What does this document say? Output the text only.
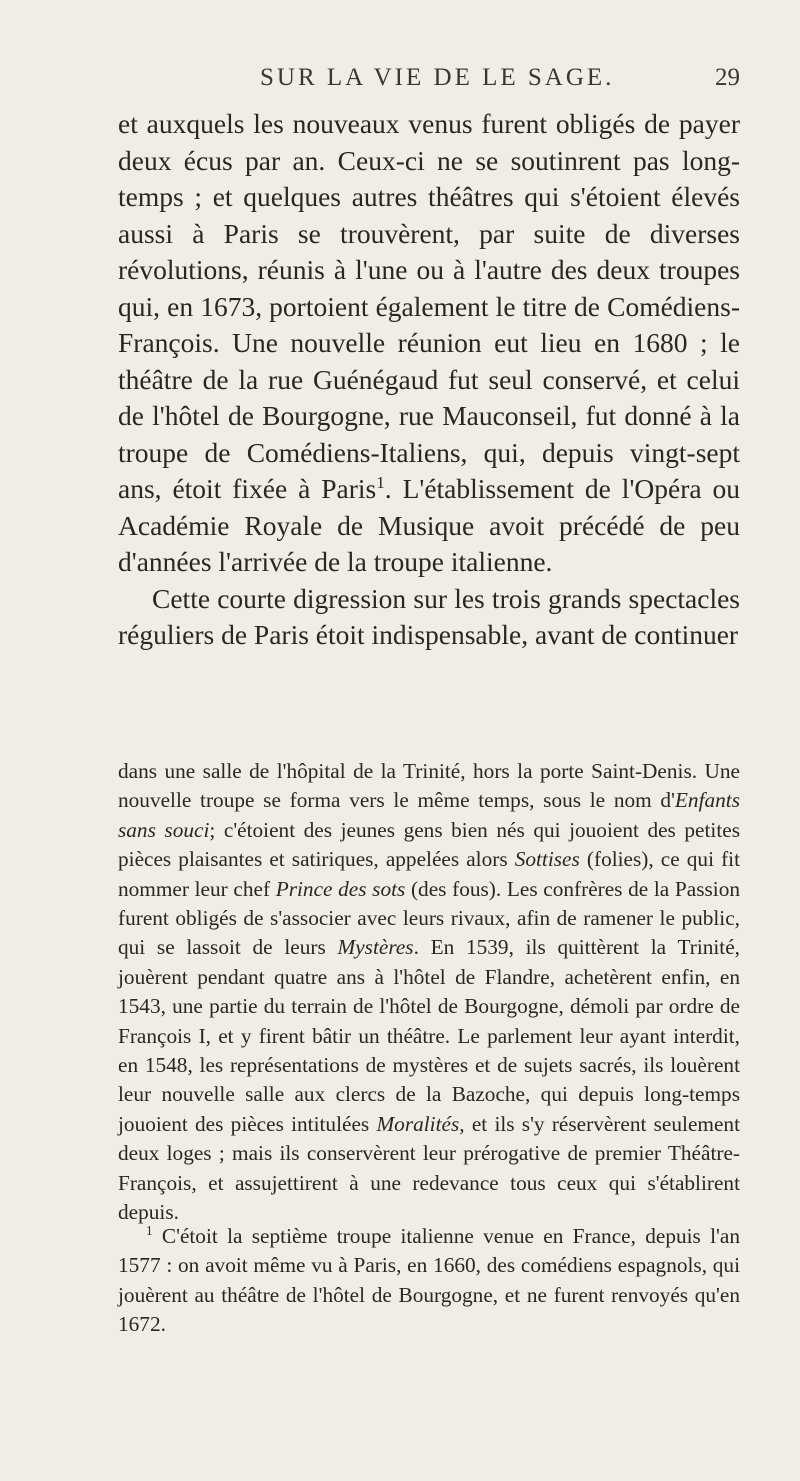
SUR LA VIE DE LE SAGE.	29

et auxquels les nouveaux venus furent obligés de payer deux écus par an. Ceux-ci ne se soutinrent pas long-temps ; et quelques autres théâtres qui s'étoient élevés aussi à Paris se trouvèrent, par suite de diverses révolutions, réunis à l'une ou à l'autre des deux troupes qui, en 1673, portoient également le titre de Comédiens-François. Une nouvelle réunion eut lieu en 1680 ; le théâtre de la rue Guénégaud fut seul conservé, et celui de l'hôtel de Bourgogne, rue Mauconseil, fut donné à la troupe de Comédiens-Italiens, qui, depuis vingt-sept ans, étoit fixée à Paris$^1$. L'établissement de l'Opéra ou Académie Royale de Musique avoit précédé de peu d'années l'arrivée de la troupe italienne.

Cette courte digression sur les trois grands spectacles réguliers de Paris étoit indispensable, avant de continuer

dans une salle de l'hôpital de la Trinité, hors la porte Saint-Denis. Une nouvelle troupe se forma vers le même temps, sous le nom d'Enfants sans souci; c'étoient des jeunes gens bien nés qui jouoient des petites pièces plaisantes et satiriques, appelées alors Sottises (folies), ce qui fit nommer leur chef Prince des sots (des fous). Les confrères de la Passion furent obligés de s'associer avec leurs rivaux, afin de ramener le public, qui se lassoit de leurs Mystères. En 1539, ils quittèrent la Trinité, jouèrent pendant quatre ans à l'hôtel de Flandre, achetèrent enfin, en 1543, une partie du terrain de l'hôtel de Bourgogne, démoli par ordre de François I, et y firent bâtir un théâtre. Le parlement leur ayant interdit, en 1548, les représentations de mystères et de sujets sacrés, ils louèrent leur nouvelle salle aux clercs de la Bazoche, qui depuis long-temps jouoient des pièces intitulées Moralités, et ils s'y réservèrent seulement deux loges ; mais ils conservèrent leur prérogative de premier Théâtre-François, et assujettirent à une redevance tous ceux qui s'établirent depuis.

$^1$ C'étoit la septième troupe italienne venue en France, depuis l'an 1577 : on avoit même vu à Paris, en 1660, des comédiens espagnols, qui jouèrent au théâtre de l'hôtel de Bourgogne, et ne furent renvoyés qu'en 1672.
